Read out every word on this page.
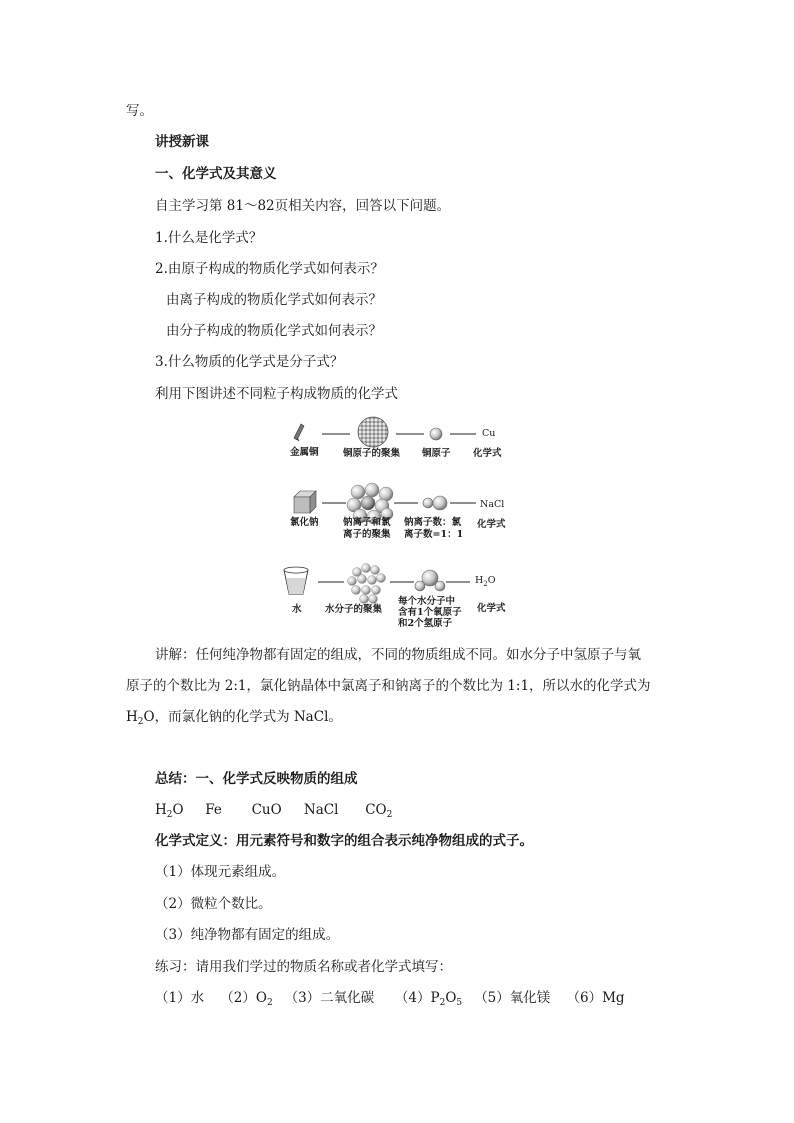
写。
讲授新课
一、化学式及其意义
自主学习第 81～82页相关内容，回答以下问题。
1.什么是化学式？
2.由原子构成的物质化学式如何表示？
由离子构成的物质化学式如何表示？
由分子构成的物质化学式如何表示？
3.什么物质的化学式是分子式？
利用下图讲述不同粒子构成物质的化学式
金属铜	铜原子的聚集 铜原子
Cu
化学式
氯化钠	钠离子和氯
离子的聚集
钠离子数：氯
离子数=1：1
NaCl
化学式
水 水分子的聚集
每个水分子中
含有1个氧原子
和2个氢原子
$H_2O$
化学式
讲解：任何纯净物都有固定的组成，不同的物质组成不同。如水分子中氢原子与氧
原子的个数比为 2:1，氯化钠晶体中氯离子和钠离子的个数比为 1:1，所以水的化学式为
$H_2O$，而氯化钠的化学式为 NaCl。
总结：一、化学式反映物质的组成
$H_2O$ Fe CuO NaCl $CO_2$
化学式定义：用元素符号和数字的组合表示纯净物组成的式子。
（1）体现元素组成。
（2）微粒个数比。
（3）纯净物都有固定的组成。
练习：请用我们学过的物质名称或者化学式填写：
（1）水 $(2)O_2$ （3）二氧化碳 $(4)P_2O_5$ （5）氧化镁 （6）Mg
